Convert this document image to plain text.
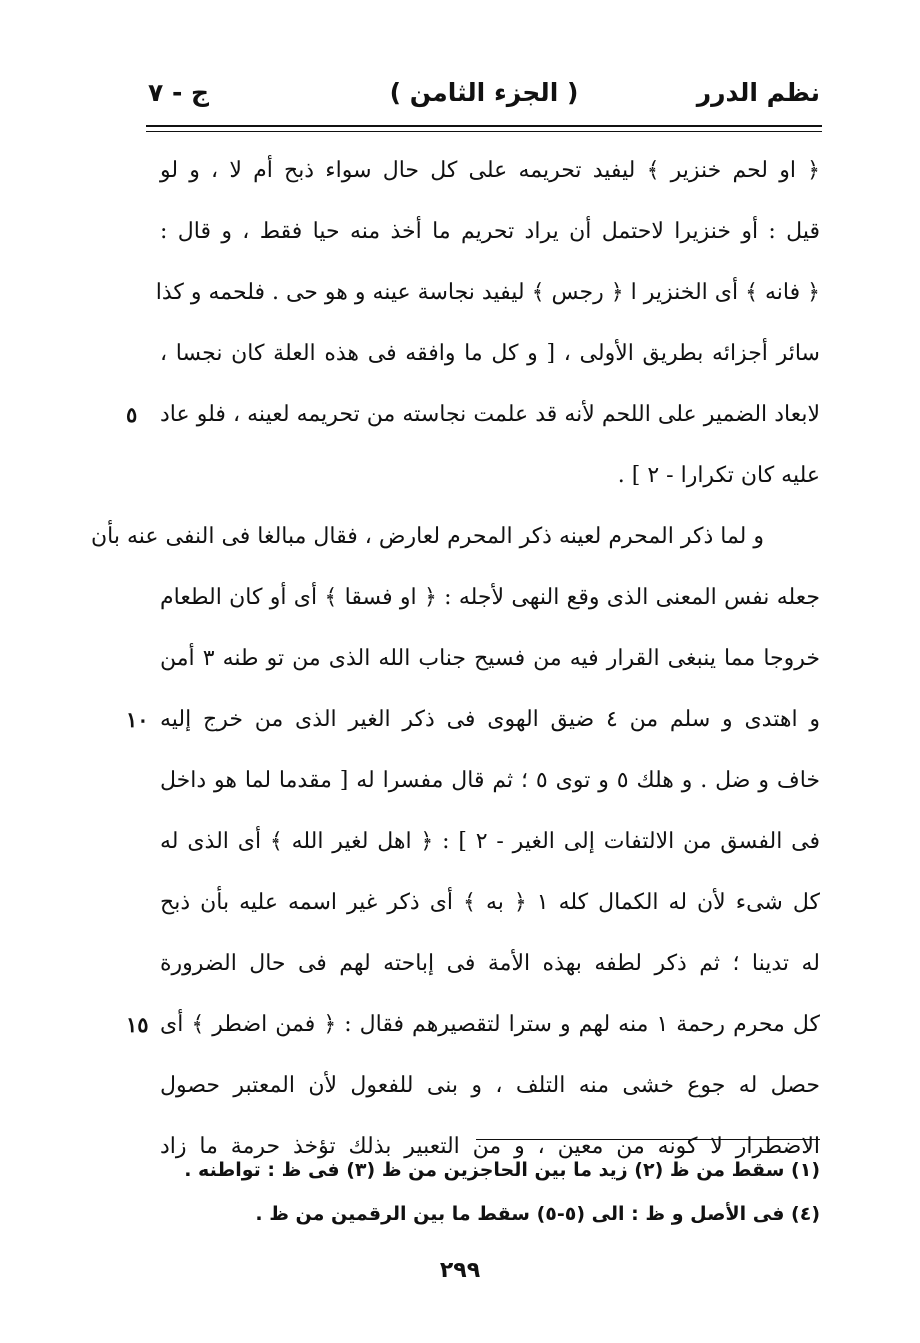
نظم الدرر
( الجزء الثامن )
ج - ٧
﴿ او لحم خنزير ﴾ ليفيد تحريمه على كل حال سواء ذبح أم لا ، و لو
قيل : أو خنزيرا لاحتمل أن يراد تحريم ما أخذ منه حيا فقط ، و قال :
﴿ فانه ﴾ أى الخنزير ا ﴿ رجس ﴾ ليفيد نجاسة عينه و هو حى . فلحمه و كذا
سائر أجزائه بطريق الأولى ، [ و كل ما وافقه فى هذه العلة كان نجسا ،
لابعاد الضمير على اللحم لأنه قد علمت نجاسته من تحريمه لعينه ، فلو عاد
٥
عليه كان تكرارا - ٢ ] .
و لما ذكر المحرم لعينه ذكر المحرم لعارض ، فقال مبالغا فى النفى عنه بأن
جعله نفس المعنى الذى وقع النهى لأجله : ﴿ او فسقا ﴾ أى أو كان الطعام
خروجا مما ينبغى القرار فيه من فسيح جناب الله الذى من تو طنه ٣ أمن
و اهتدى و سلم من ٤ ضيق الهوى فى ذكر الغير الذى من خرج إليه
١٠
خاف و ضل . و هلك ٥ و توى ٥ ؛ ثم قال مفسرا له [ مقدما لما هو داخل
فى الفسق من الالتفات إلى الغير - ٢ ] : ﴿ اهل لغير الله ﴾ أى الذى له
كل شىء لأن له الكمال كله ١ ﴿ به ﴾ أى ذكر غير اسمه عليه بأن ذبح
له تدينا ؛ ثم ذكر لطفه بهذه الأمة فى إباحته لهم فى حال الضرورة
كل محرم رحمة ١ منه لهم و سترا لتقصيرهم فقال : ﴿ فمن اضطر ﴾ أى
١٥
حصل له جوع خشى منه التلف ، و بنى للفعول لأن المعتبر حصول
الاضطرار لا كونه من معين ، و من التعبير بذلك تؤخذ حرمة ما زاد
(١) سقط من ظ (٢) زيد ما بين الحاجزين من ظ (٣) فى ظ : تواطنه .
(٤) فى الأصل و ظ : الى (٥-٥) سقط ما بين الرقمين من ظ .
٢٩٩
